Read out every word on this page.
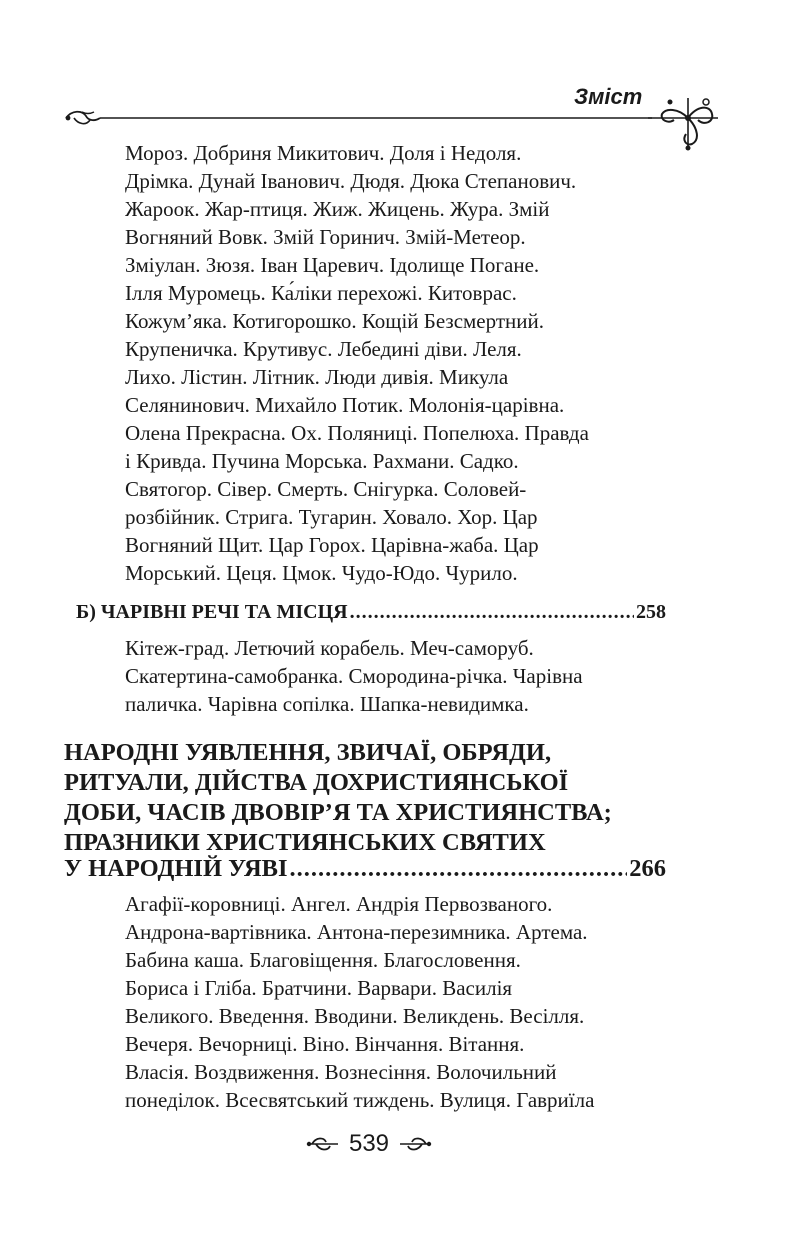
Зміст
Мороз. Добриня Микитович. Доля і Недоля.
Дрімка. Дунай Іванович. Дюдя. Дюка Степанович.
Жароок. Жар-птиця. Жиж. Жицень. Жура. Змій
Вогняний Вовк. Змій Горинич. Змій-Метеор.
Зміулан. Зюзя. Іван Царевич. Ідолище Погане.
Ілля Муромець. Ка́лiки перехожі. Китоврас.
Кожум’яка. Котигорошко. Кощій Безсмертний.
Крупеничка. Крутивус. Лебедині діви. Леля.
Лихо. Лістин. Літник. Люди дивія. Микула
Селянинович. Михайло Потик. Молонія-царівна.
Олена Прекрасна. Ох. Поляниці. Попелюха. Правда
і Кривда. Пучина Морська. Рахмани. Садко.
Святогор. Сівер. Смерть. Снігурка. Соловей-
розбійник. Стрига. Тугарин. Ховало. Хор. Цар
Вогняний Щит. Цар Горох. Царівна-жаба. Цар
Морський. Цеця. Цмок. Чудо-Юдо. Чурило.
Б) ЧАРІВНІ РЕЧІ ТА МІСЦЯ .....	258
Кітеж-град. Летючий корабель. Меч-саморуб.
Скатертина-самобранка. Смородина-річка. Чарівна
паличка. Чарівна сопілка. Шапка-невидимка.
НАРОДНІ УЯВЛЕННЯ, ЗВИЧАЇ, ОБРЯДИ,
РИТУАЛИ, ДІЙСТВА ДОХРИСТИЯНСЬКОЇ
ДОБИ, ЧАСІВ ДВОВІР’Я ТА ХРИСТИЯНСТВА;
ПРАЗНИКИ ХРИСТИЯНСЬКИХ СВЯТИХ
У НАРОДНІЙ УЯВІ .....	266
Агафії-коровниці. Ангел. Андрія Первозваного.
Андрона-вартівника. Антона-перезимника. Артема.
Бабина каша. Благовіщення. Благословення.
Бориса і Гліба. Братчини. Варвари. Василія
Великого. Введення. Вводини. Великдень. Весілля.
Вечеря. Вечорниці. Віно. Вінчання. Вітання.
Власія. Воздвиження. Вознесіння. Волочильний
понеділок. Всесвятський тиждень. Вулиця. Гавриїла
539
